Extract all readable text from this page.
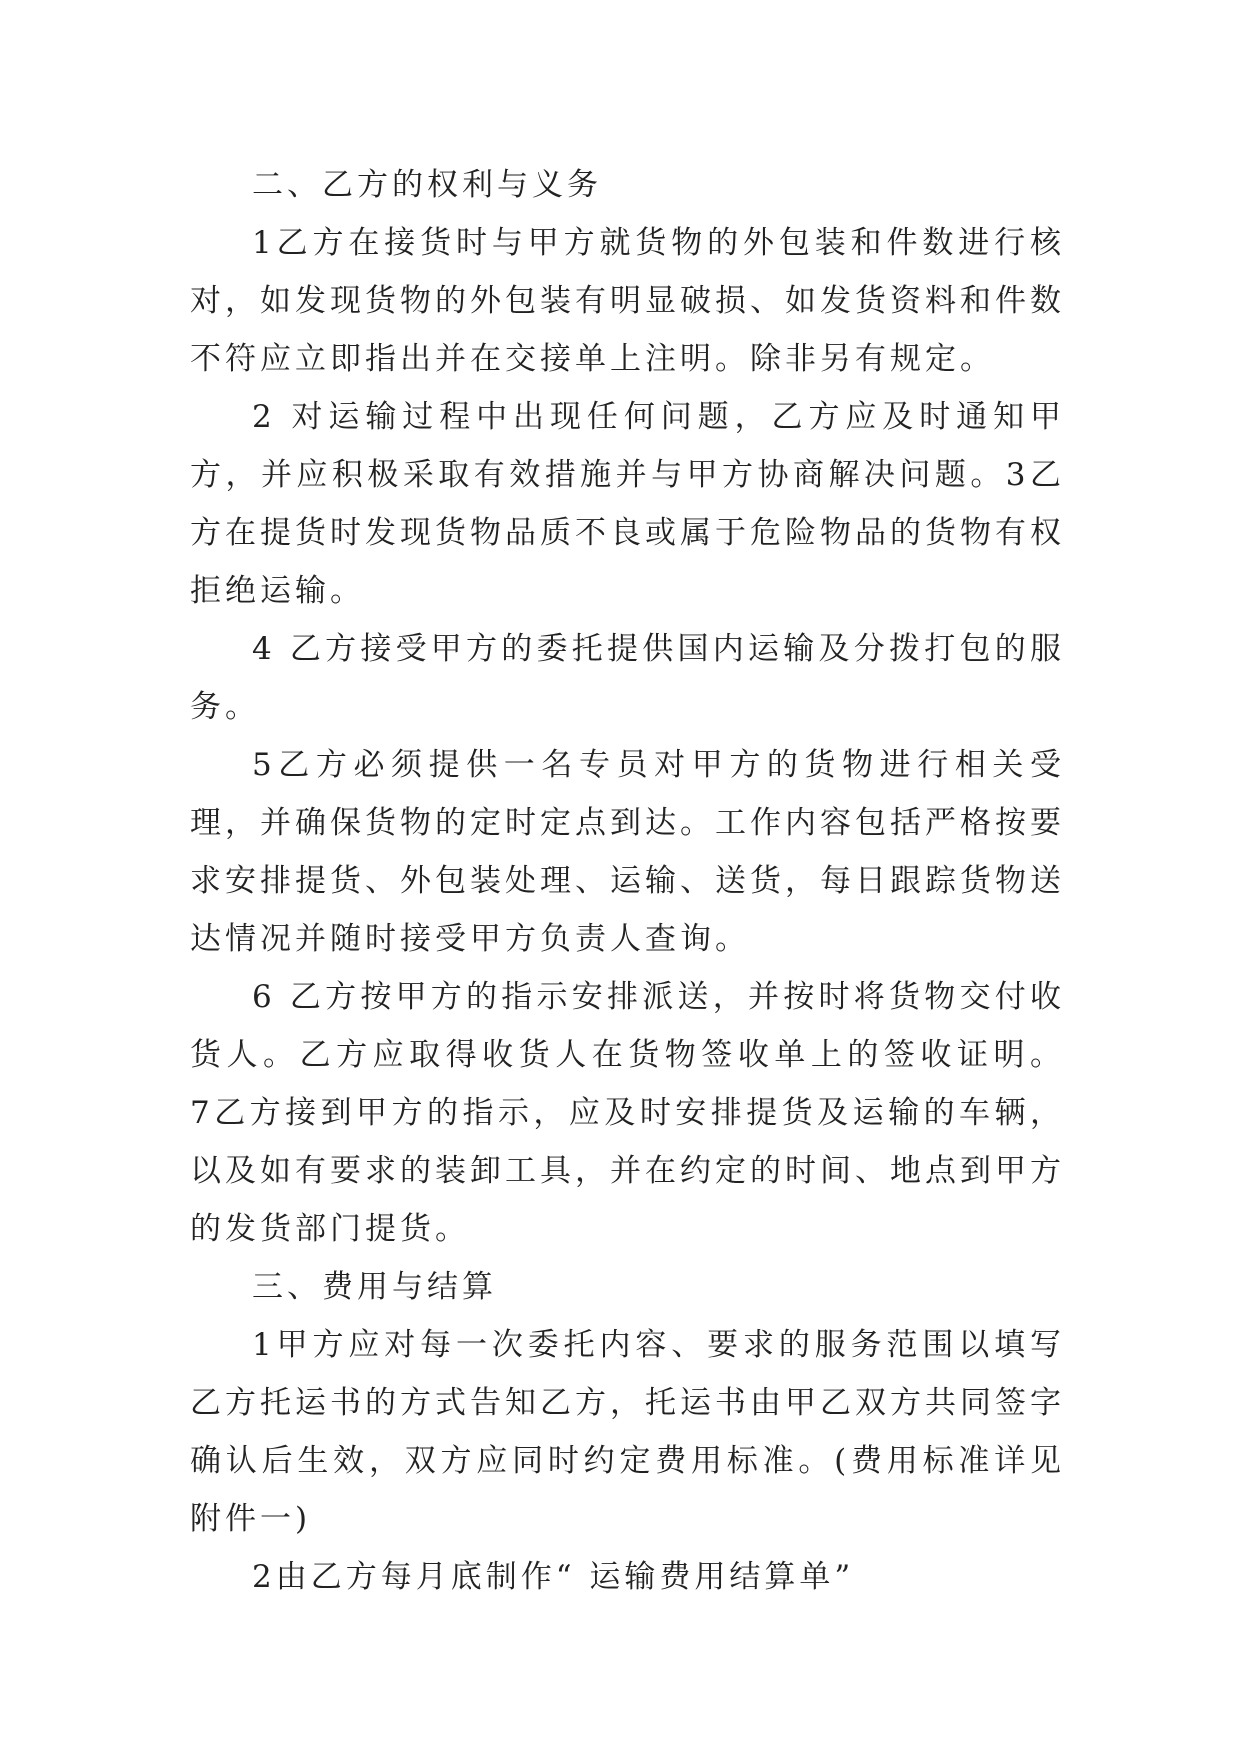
二、乙方的权利与义务

1乙方在接货时与甲方就货物的外包装和件数进行核对，如发现货物的外包装有明显破损、如发货资料和件数不符应立即指出并在交接单上注明。除非另有规定。

2 对运输过程中出现任何问题，乙方应及时通知甲方，并应积极采取有效措施并与甲方协商解决问题。3乙方在提货时发现货物品质不良或属于危险物品的货物有权拒绝运输。

4 乙方接受甲方的委托提供国内运输及分拨打包的服务。

5乙方必须提供一名专员对甲方的货物进行相关受理，并确保货物的定时定点到达。工作内容包括严格按要求安排提货、外包装处理、运输、送货，每日跟踪货物送达情况并随时接受甲方负责人查询。

6 乙方按甲方的指示安排派送，并按时将货物交付收货人。乙方应取得收货人在货物签收单上的签收证明。 7乙方接到甲方的指示，应及时安排提货及运输的车辆，以及如有要求的装卸工具，并在约定的时间、地点到甲方的发货部门提货。

三、费用与结算

1甲方应对每一次委托内容、要求的服务范围以填写乙方托运书的方式告知乙方，托运书由甲乙双方共同签字确认后生效，双方应同时约定费用标准。(费用标准详见附件一)

2由乙方每月底制作“ 运输费用结算单”
